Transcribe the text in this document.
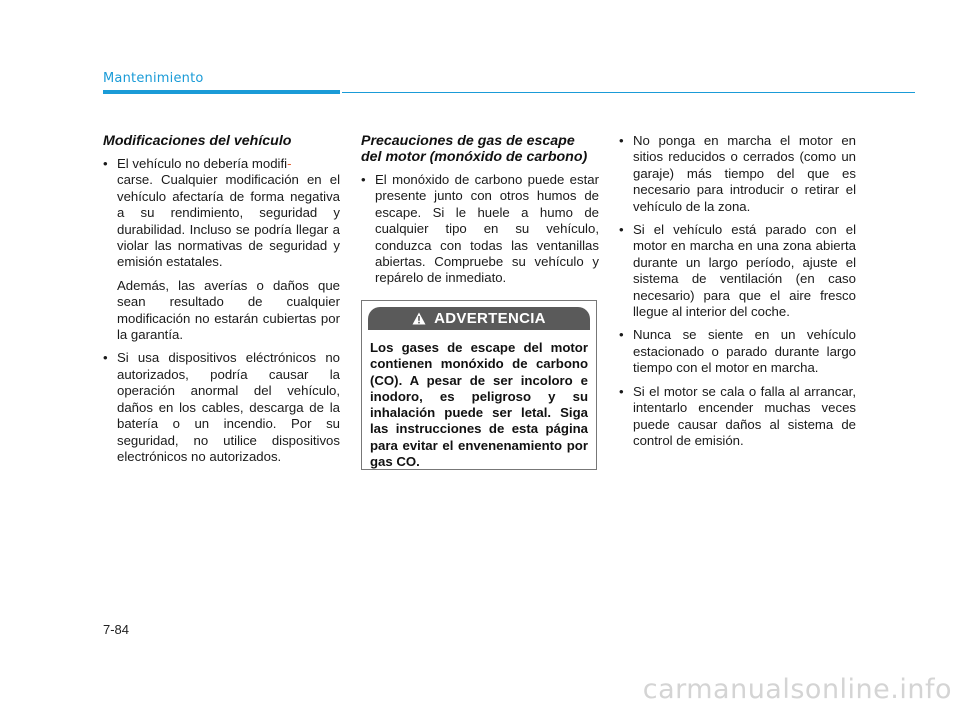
Mantenimiento
Modificaciones del vehículo
• El vehículo no debería modifi-
carse. Cualquier modificación en el vehículo afectaría de forma negativa a su rendimiento, seguridad y durabilidad. Incluso se podría llegar a violar las normativas de seguridad y emisión estatales.

Además, las averías o daños que sean resultado de cualquier modificación no estarán cubiertas por la garantía.

• Si usa dispositivos eléctrónicos no autorizados, podría causar la operación anormal del vehículo, daños en los cables, descarga de la batería o un incendio. Por su seguridad, no utilice dispositivos electrónicos no autorizados.
Precauciones de gas de escape del motor (monóxido de carbono)
• El monóxido de carbono puede estar presente junto con otros humos de escape. Si le huele a humo de cualquier tipo en su vehículo, conduzca con todas las ventanillas abiertas. Compruebe su vehículo y repárelo de inmediato.
ADVERTENCIA
Los gases de escape del motor contienen monóxido de carbono (CO). A pesar de ser incoloro e inodoro, es peligroso y su inhalación puede ser letal. Siga las instrucciones de esta página para evitar el envenenamiento por gas CO.
• No ponga en marcha el motor en sitios reducidos o cerrados (como un garaje) más tiempo del que es necesario para introducir o retirar el vehículo de la zona.
• Si el vehículo está parado con el motor en marcha en una zona abierta durante un largo período, ajuste el sistema de ventilación (en caso necesario) para que el aire fresco llegue al interior del coche.
• Nunca se siente en un vehículo estacionado o parado durante largo tiempo con el motor en marcha.
• Si el motor se cala o falla al arrancar, intentarlo encender muchas veces puede causar daños al sistema de control de emisión.
7-84
carmanualsonline.info
